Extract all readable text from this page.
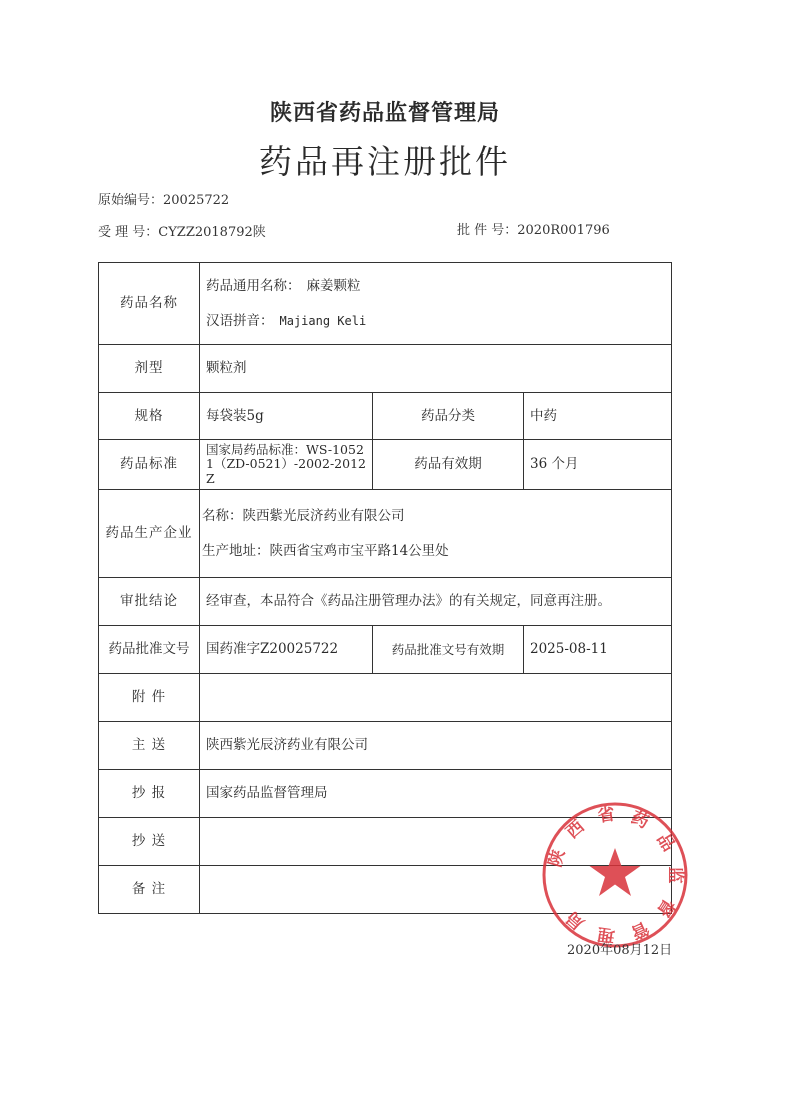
陕西省药品监督管理局
药品再注册批件
原始编号：20025722
受 理 号：CYZZ2018792陕	批 件 号：2020R001796
药品名称	药品通用名称： 麻姜颗粒
汉语拼音： Majiang Keli		

剂型	颗粒剂		
规格	每袋装5g	药品分类	中药
药品标准	国家局药品标准：WS-10521（ZD-0521）-2002-2012Z	药品有效期	36 个月
药品生产企业	名称：陕西紫光辰济药业有限公司
生产地址：陕西省宝鸡市宝平路14公里处		

审批结论	经审查，本品符合《药品注册管理办法》的有关规定，同意再注册。		
药品批准文号	国药准字Z20025722	药品批准文号有效期	2025-08-11
附 件			
主 送	陕西紫光辰济药业有限公司		
抄 报	国家药品监督管理局		
抄 送			
备 注			
陕西省药品监督管理局
2020年08月12日
